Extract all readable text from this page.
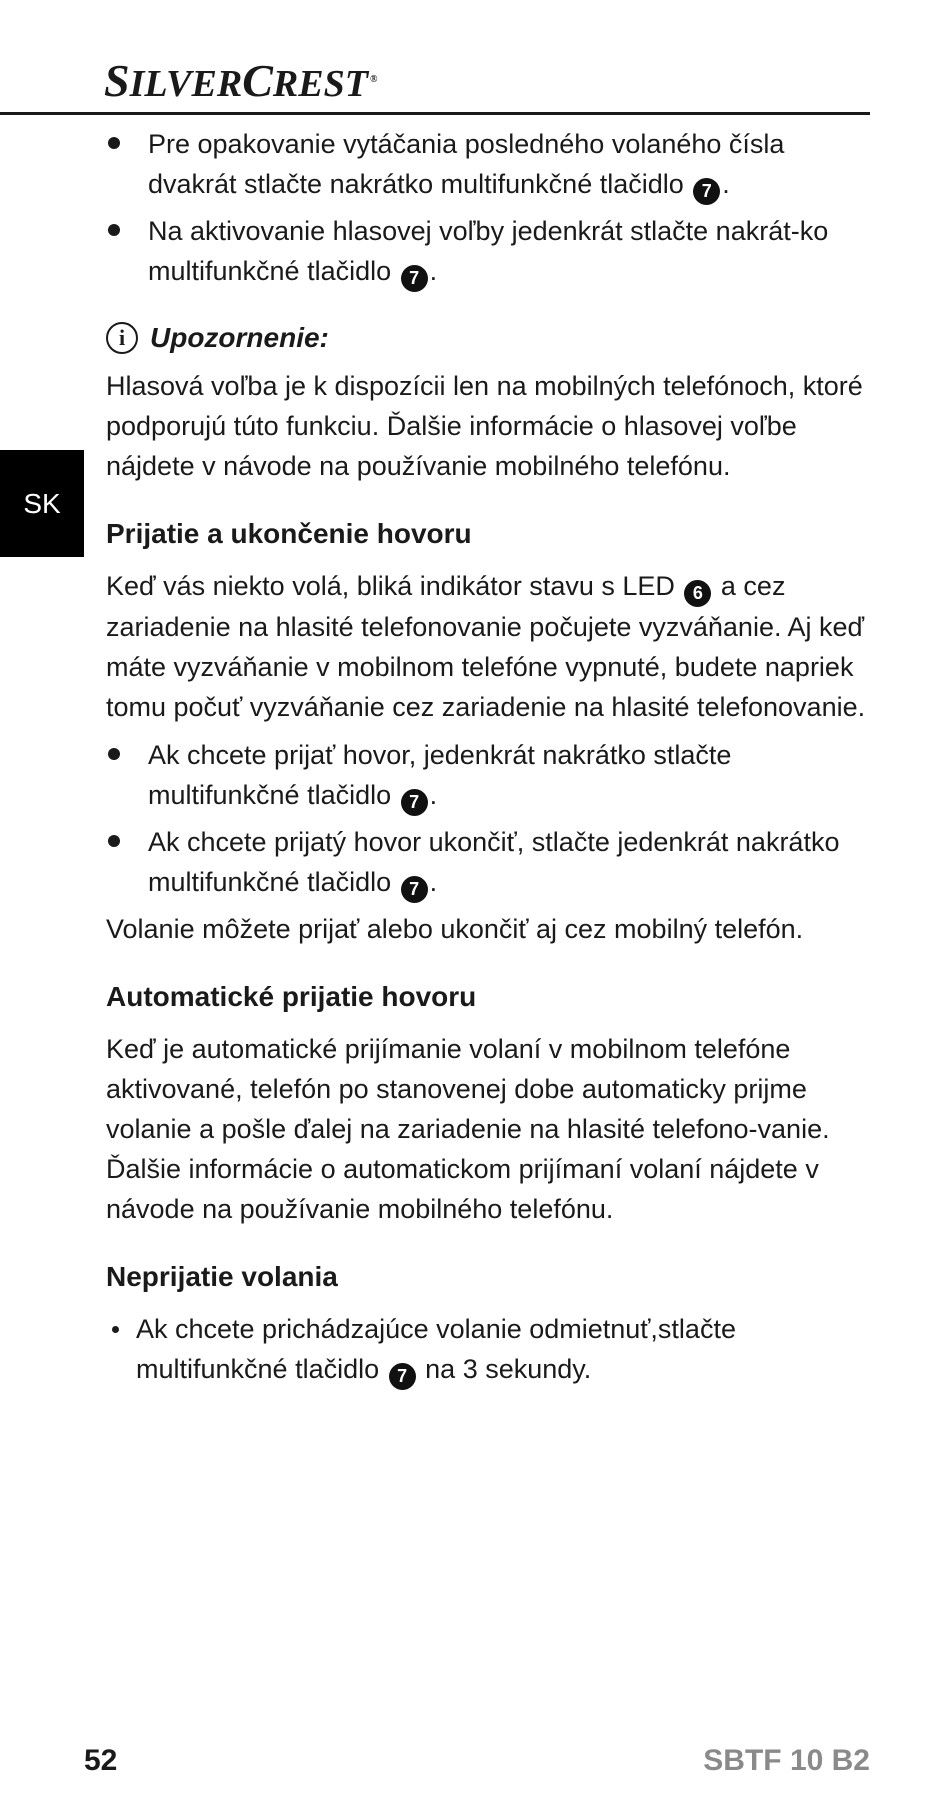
SILVERCREST ®
SK
Pre opakovanie vytáčania posledného volaného čísla dvakrát stlačte nakrátko multifunkčné tlačidlo 7 .
Na aktivovanie hlasovej voľby jedenkrát stlačte nakrát-ko multifunkčné tlačidlo 7 .
i Upozornenie:

Hlasová voľba je k dispozícii len na mobilných telefónoch, ktoré podporujú túto funkciu. Ďalšie informácie o hlasovej voľbe nájdete v návode na používanie mobilného telefónu.

Prijatie a ukončenie hovoru

Keď vás niekto volá, bliká indikátor stavu s LED 6 a cez zariadenie na hlasité telefonovanie počujete vyzváňanie. Aj keď máte vyzváňanie v mobilnom telefóne vypnuté, budete napriek tomu počuť vyzváňanie cez zariadenie na hlasité telefonovanie.

Ak chcete prijať hovor, jedenkrát nakrátko stlačte multifunkčné tlačidlo 7 .
Ak chcete prijatý hovor ukončiť, stlačte jedenkrát nakrátko multifunkčné tlačidlo 7 .

Volanie môžete prijať alebo ukončiť aj cez mobilný telefón.

Automatické prijatie hovoru

Keď je automatické prijímanie volaní v mobilnom telefóne aktivované, telefón po stanovenej dobe automaticky prijme volanie a pošle ďalej na zariadenie na hlasité telefono-vanie. Ďalšie informácie o automatickom prijímaní volaní nájdete v návode na používanie mobilného telefónu.

Neprijatie volania
Ak chcete prichádzajúce volanie odmietnuť,stlačte multifunkčné tlačidlo 7 na 3 sekundy.
52	SBTF 10 B2
